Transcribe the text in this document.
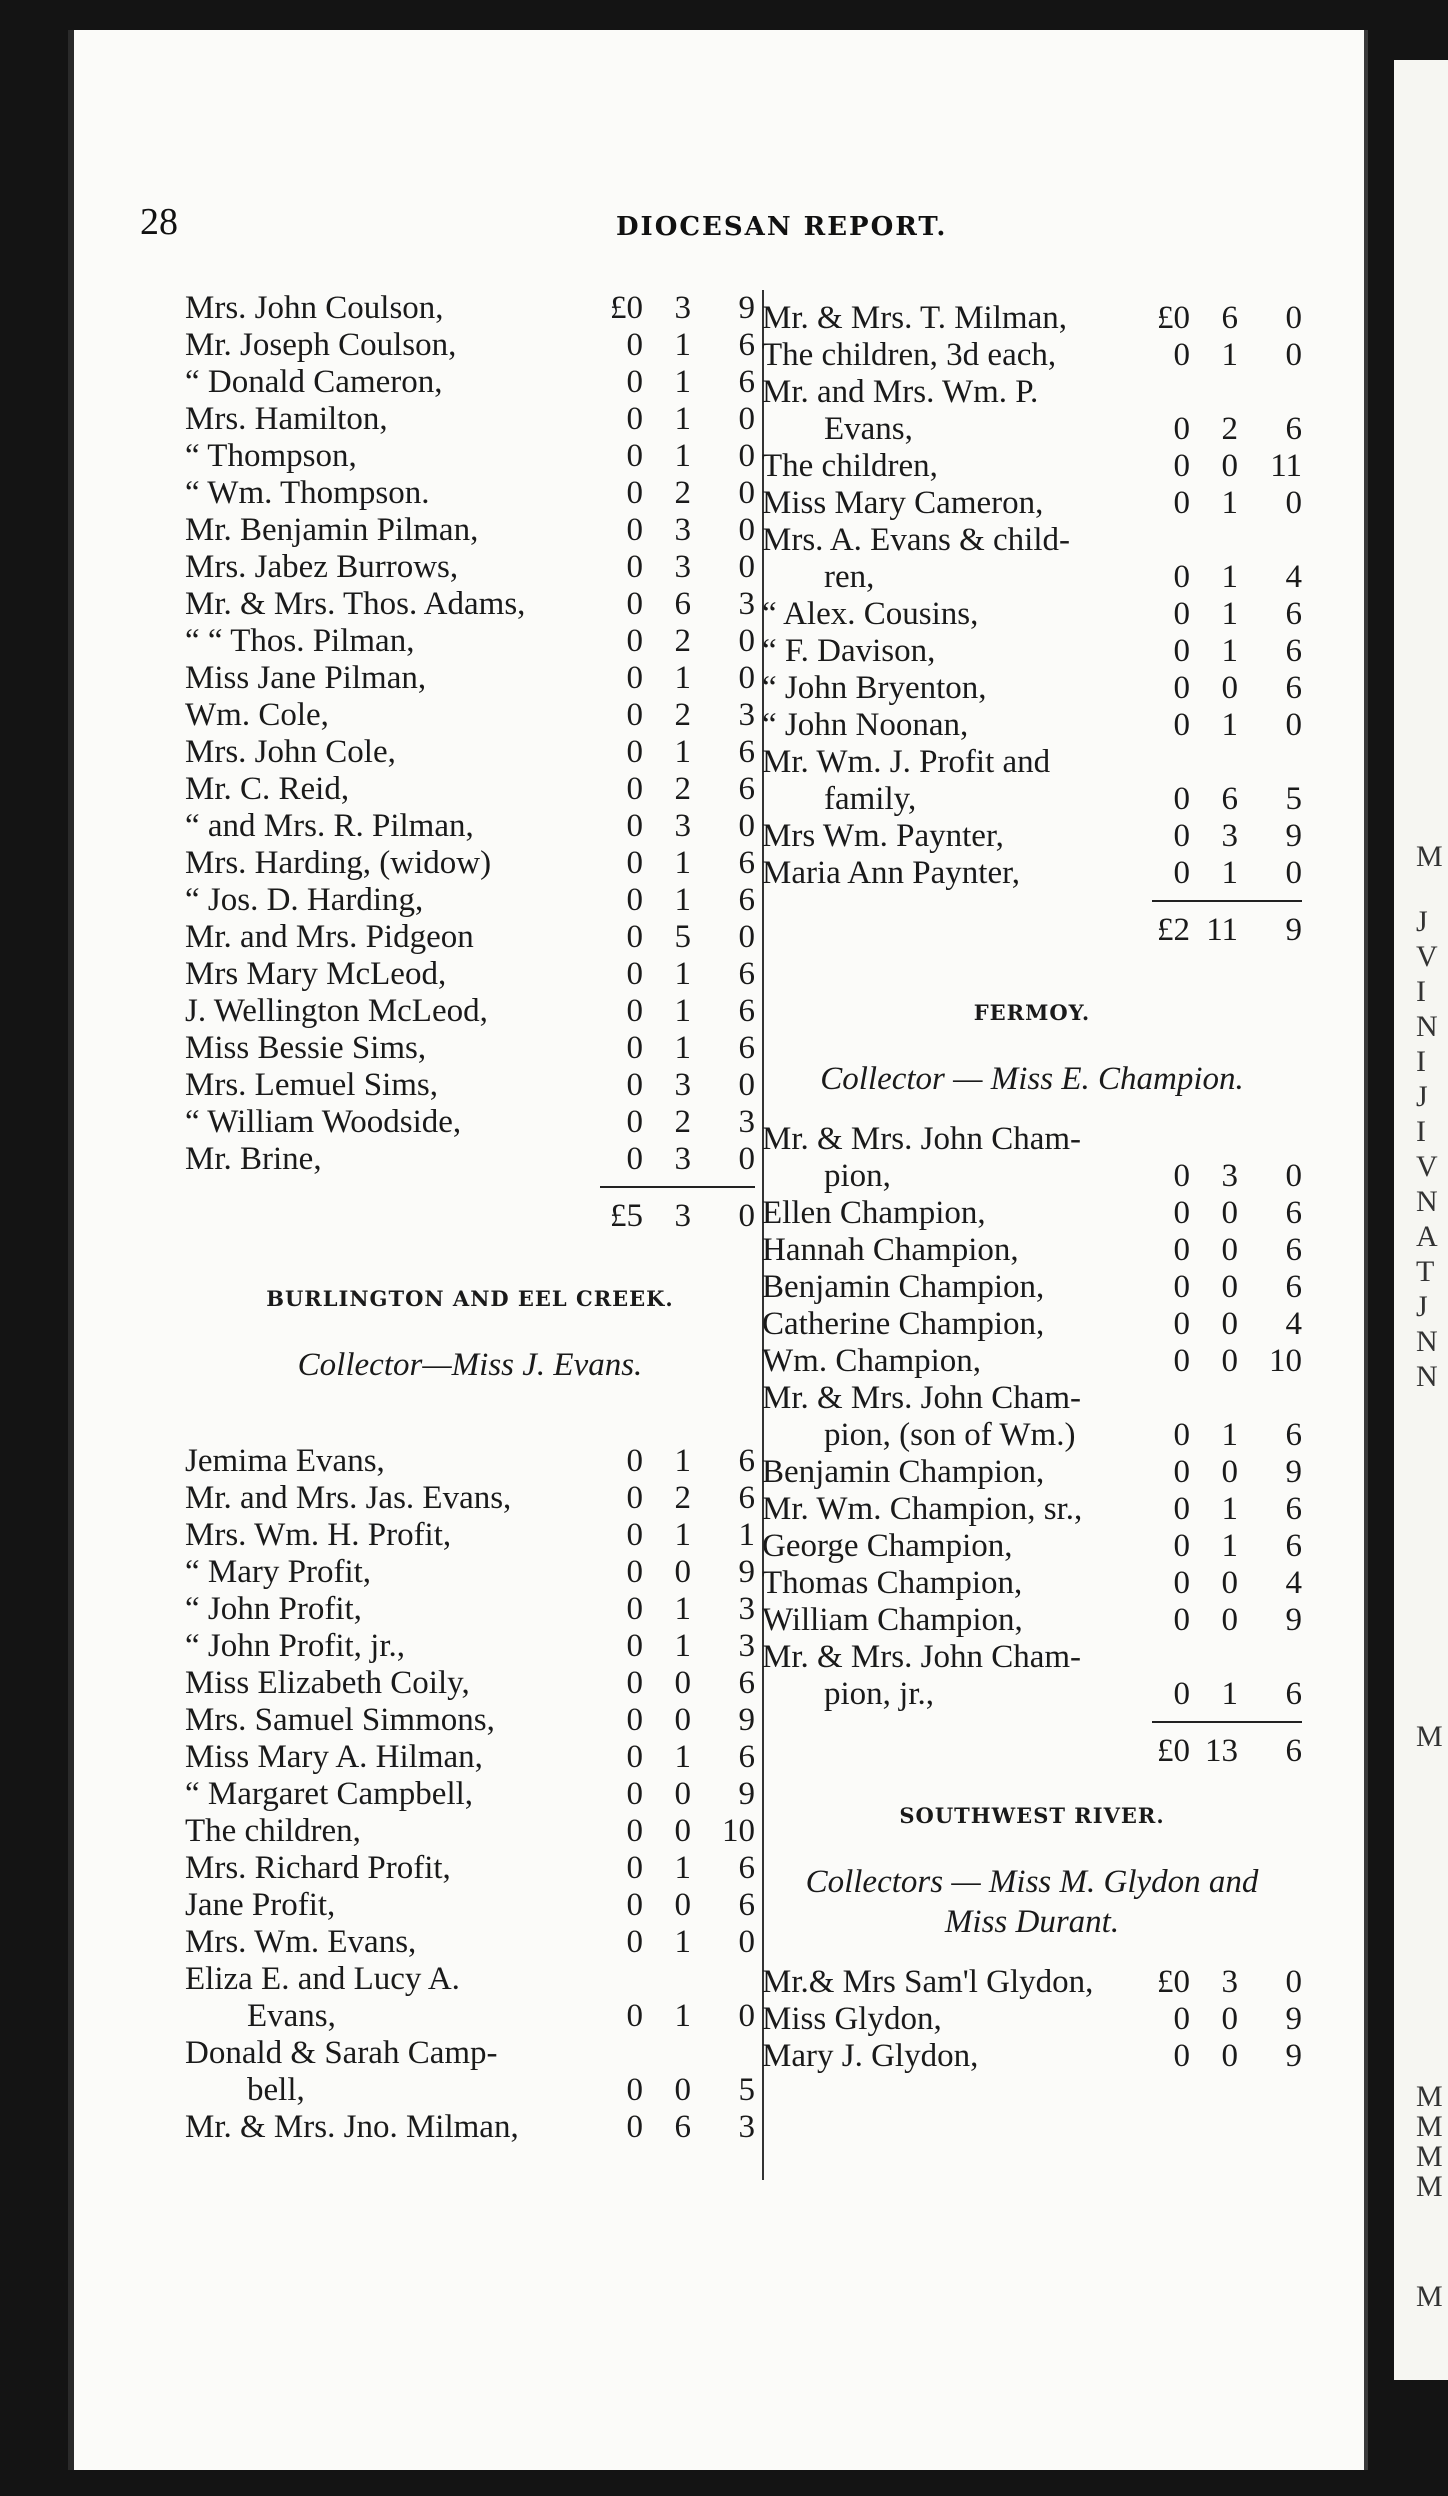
M
J
V
I
N
I
J
I
V
N
A
T
J
N
N
M
M
M
M
M
M
28	DIOCESAN REPORT.
Mrs. John Coulson,	£0 3	9
Mr. Joseph Coulson,	0 1	6
“ Donald Cameron,	0 1	6
Mrs. Hamilton,	0 1	0
“ Thompson,	0 1	0
“ Wm. Thompson.	0 2	0
Mr. Benjamin Pilman,	0 3	0
Mrs. Jabez Burrows,	0 3	0
Mr. & Mrs. Thos. Adams,	0 6	3
“ “ Thos. Pilman,	0 2	0
Miss Jane Pilman,	0 1	0
Wm. Cole,	0 2	3
Mrs. John Cole,	0 1	6
Mr. C. Reid,	0 2	6
“ and Mrs. R. Pilman,	0 3	0
Mrs. Harding, (widow)	0 1	6
“ Jos. D. Harding,	0 1	6
Mr. and Mrs. Pidgeon	0 5	0
Mrs Mary McLeod,	0 1	6
J. Wellington McLeod,	0 1	6
Miss Bessie Sims,	0 1	6
Mrs. Lemuel Sims,	0 3	0
“ William Woodside,	0 2	3
Mr. Brine,	0 3	0
£5 3	0
BURLINGTON AND EEL CREEK.
Collector—Miss J. Evans.
Jemima Evans,	0 1	6
Mr. and Mrs. Jas. Evans,	0 2	6
Mrs. Wm. H. Profit,	0 1	1
“ Mary Profit,	0 0	9
“ John Profit,	0 1	3
“ John Profit, jr.,	0 1	3
Miss Elizabeth Coily,	0 0	6
Mrs. Samuel Simmons,	0 0	9
Miss Mary A. Hilman,	0 1	6
“ Margaret Campbell,	0 0	9
The children,	0 0 10
Mrs. Richard Profit,	0 1	6
Jane Profit,	0 0	6
Mrs. Wm. Evans,	0 1	0
Eliza E. and Lucy A.
Evans,	0 1	0
Donald & Sarah Camp-
bell,	0 0	5
Mr. & Mrs. Jno. Milman,	0 6	3
Mr. & Mrs. T. Milman,	£0 6	0
The children, 3d each,	0 1	0
Mr. and Mrs. Wm. P.
Evans,	0 2	6
The children,	0 0 11
Miss Mary Cameron,	0 1	0
Mrs. A. Evans & child-
ren,	0 1	4
“ Alex. Cousins,	0 1	6
“ F. Davison,	0 1	6
“ John Bryenton,	0 0	6
“ John Noonan,	0 1	0
Mr. Wm. J. Profit and
family,	0 6	5
Mrs Wm. Paynter,	0 3	9
Maria Ann Paynter,	0 1	0
£2 11	9
FERMOY.
Collector — Miss E. Champion.
Mr. & Mrs. John Cham-
pion,	0 3	0
Ellen Champion,	0 0	6
Hannah Champion,	0 0	6
Benjamin Champion,	0 0	6
Catherine Champion,	0 0	4
Wm. Champion,	0 0 10
Mr. & Mrs. John Cham-
pion, (son of Wm.)	0 1	6
Benjamin Champion,	0 0	9
Mr. Wm. Champion, sr.,	0 1	6
George Champion,	0 1	6
Thomas Champion,	0 0	4
William Champion,	0 0	9
Mr. & Mrs. John Cham-
pion, jr.,	0 1	6
£0 13	6
SOUTHWEST RIVER.
Collectors — Miss M. Glydon and
Miss Durant.
Mr.& Mrs Sam'l Glydon,	£0 3	0
Miss Glydon,	0 0	9
Mary J. Glydon,	0 0	9
